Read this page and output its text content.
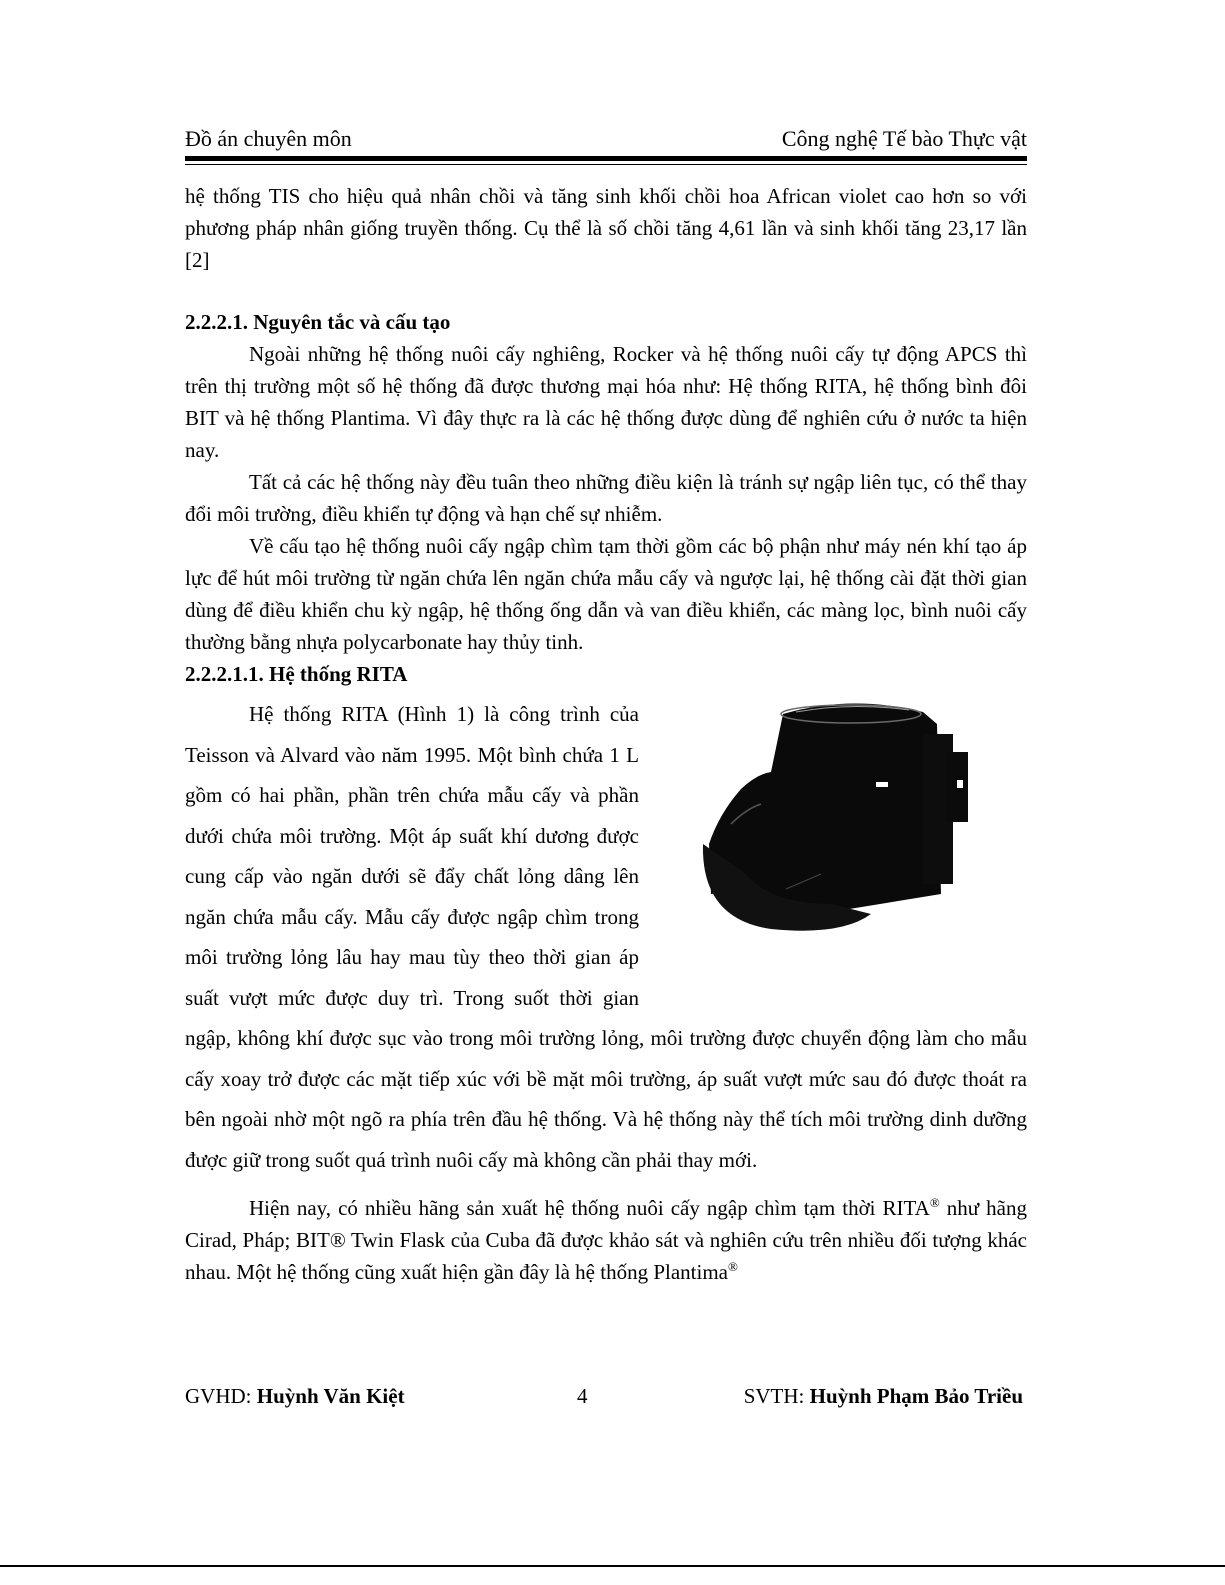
Đồ án chuyên môn	Công nghệ Tế bào Thực vật

hệ thống TIS cho hiệu quả nhân chồi và tăng sinh khối chồi hoa African violet cao hơn so với phương pháp nhân giống truyền thống. Cụ thể là số chồi tăng 4,61 lần và sinh khối tăng 23,17 lần [2]

2.2.2.1. Nguyên tắc và cấu tạo

Ngoài những hệ thống nuôi cấy nghiêng, Rocker và hệ thống nuôi cấy tự động APCS thì trên thị trường một số hệ thống đã được thương mại hóa như: Hệ thống RITA, hệ thống bình đôi BIT và hệ thống Plantima. Vì đây thực ra là các hệ thống được dùng để nghiên cứu ở nước ta hiện nay.

Tất cả các hệ thống này đều tuân theo những điều kiện là tránh sự ngập liên tục, có thể thay đổi môi trường, điều khiển tự động và hạn chế sự nhiễm.

Về cấu tạo hệ thống nuôi cấy ngập chìm tạm thời gồm các bộ phận như máy nén khí tạo áp lực để hút môi trường từ ngăn chứa lên ngăn chứa mẫu cấy và ngược lại, hệ thống cài đặt thời gian dùng để điều khiển chu kỳ ngập, hệ thống ống dẫn và van điều khiển, các màng lọc, bình nuôi cấy thường bằng nhựa polycarbonate hay thủy tinh.

2.2.2.1.1. Hệ thống RITA

Hệ thống RITA (Hình 1) là công trình của Teisson và Alvard vào năm 1995. Một bình chứa 1 L gồm có hai phần, phần trên chứa mẫu cấy và phần dưới chứa môi trường. Một áp suất khí dương được cung cấp vào ngăn dưới sẽ đẩy chất lỏng dâng lên ngăn chứa mẫu cấy. Mẫu cấy được ngập chìm trong môi trường lỏng lâu hay mau tùy theo thời gian áp suất vượt mức được duy trì. Trong suốt thời gian ngập, không khí được sục vào trong môi trường lỏng, môi trường được chuyển động làm cho mẫu cấy xoay trở được các mặt tiếp xúc với bề mặt môi trường, áp suất vượt mức sau đó được thoát ra bên ngoài nhờ một ngõ ra phía trên đầu hệ thống. Và hệ thống này thể tích môi trường dinh dưỡng được giữ trong suốt quá trình nuôi cấy mà không cần phải thay mới.

Hiện nay, có nhiều hãng sản xuất hệ thống nuôi cấy ngập chìm tạm thời RITA® như hãng Cirad, Pháp; BIT® Twin Flask của Cuba đã được khảo sát và nghiên cứu trên nhiều đối tượng khác nhau. Một hệ thống cũng xuất hiện gần đây là hệ thống Plantima®

GVHD: Huỳnh Văn Kiệt	4	SVTH: Huỳnh Phạm Bảo Triều
